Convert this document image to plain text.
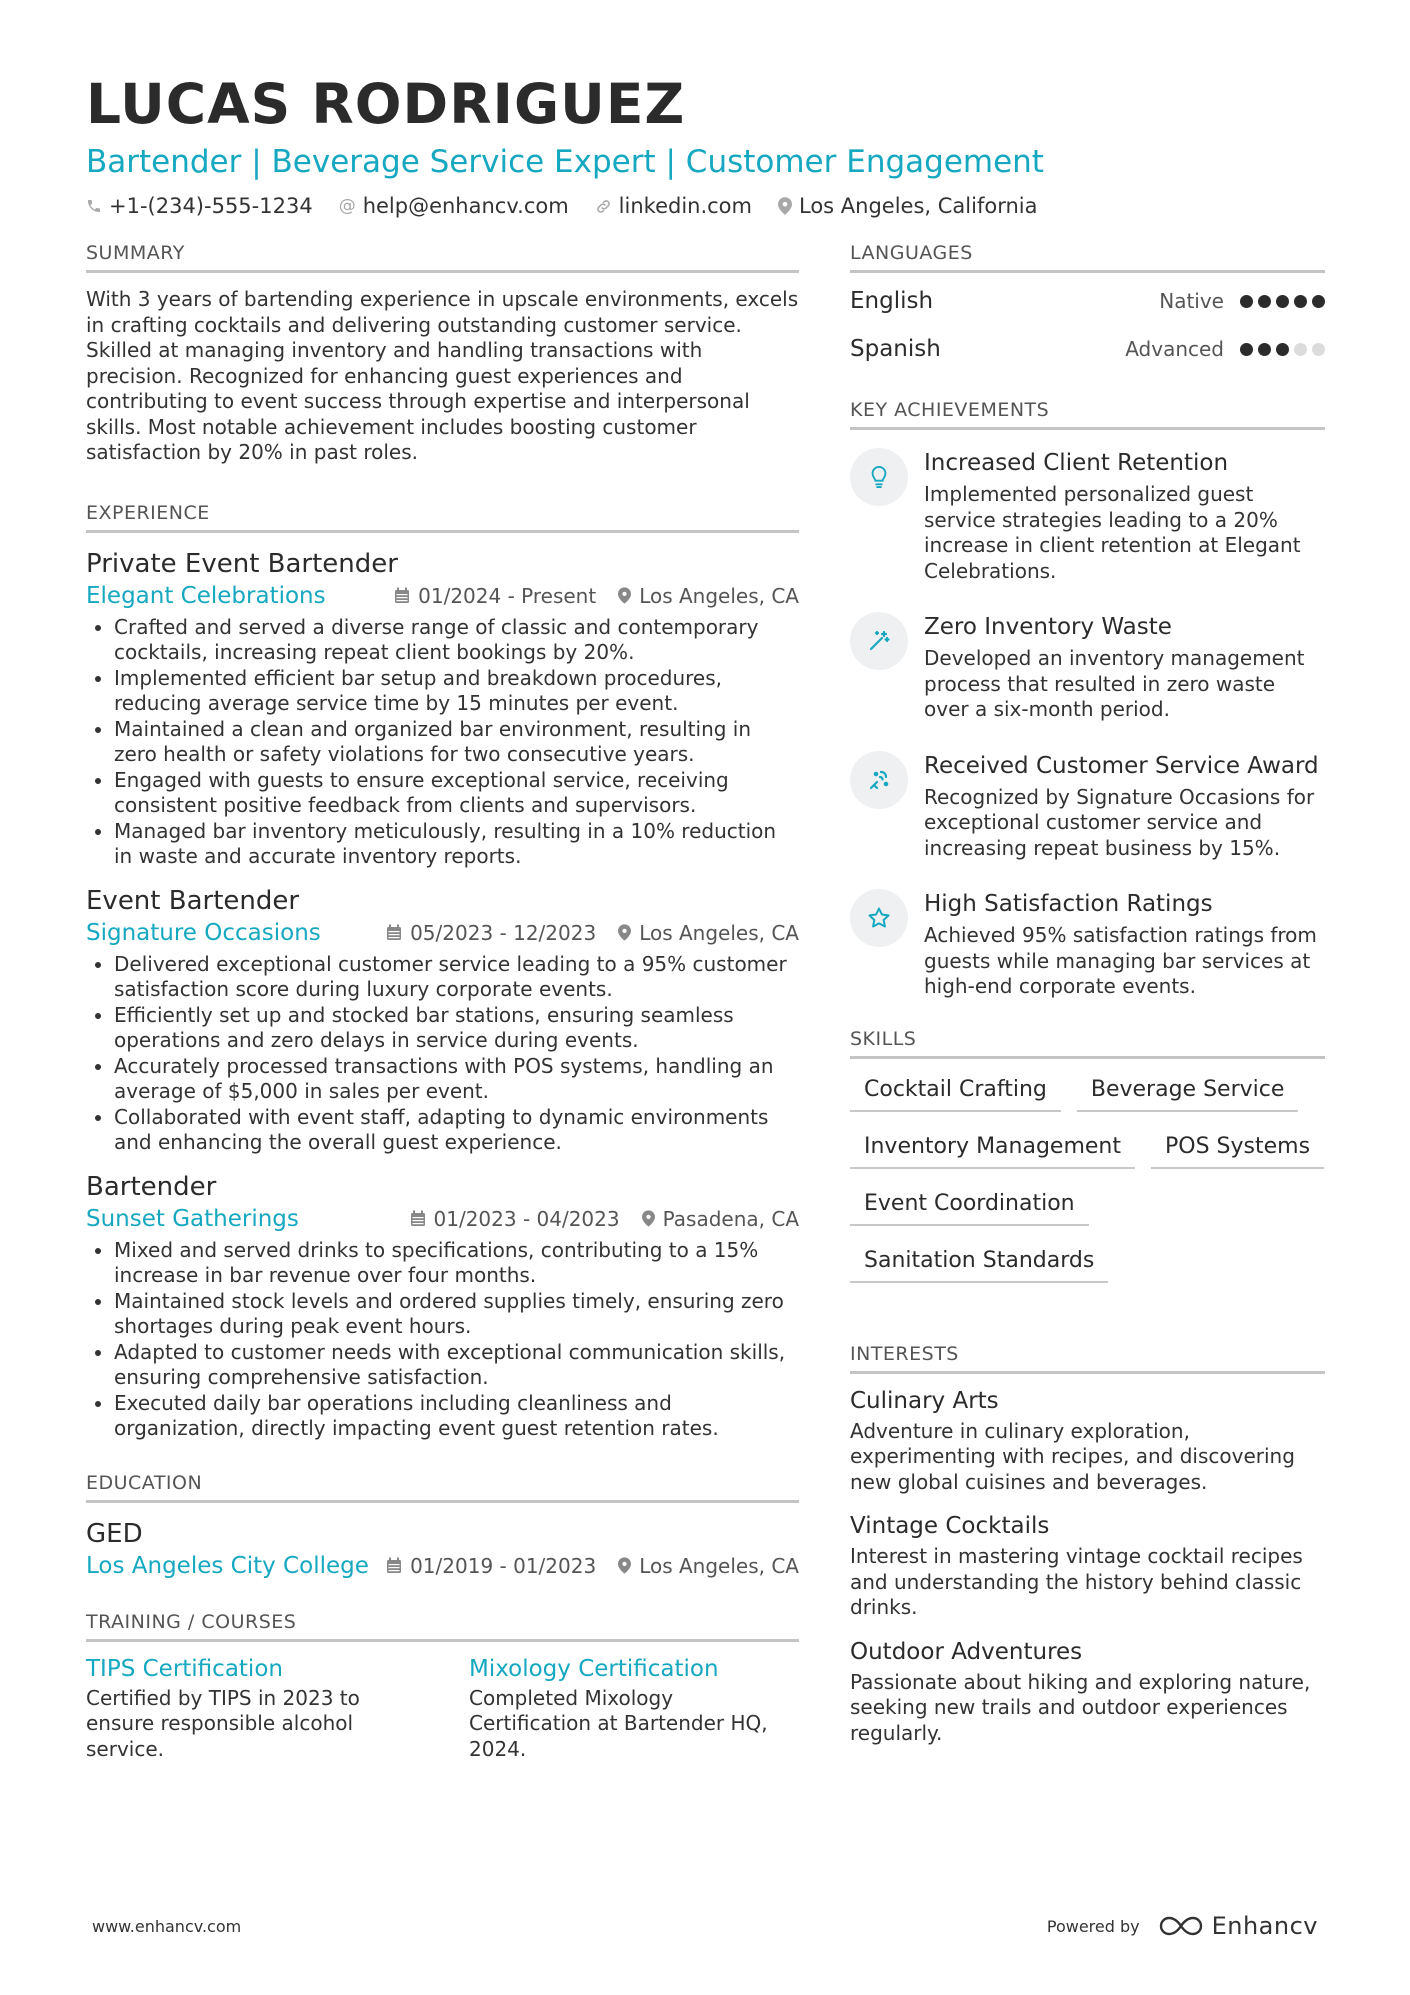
LUCAS RODRIGUEZ
Bartender | Beverage Service Expert | Customer Engagement
+1-(234)-555-1234 @ help@enhancv.com linkedin.com Los Angeles, California
SUMMARY

With 3 years of bartending experience in upscale environments, excels in crafting cocktails and delivering outstanding customer service. Skilled at managing inventory and handling transactions with precision. Recognized for enhancing guest experiences and contributing to event success through expertise and interpersonal skills. Most notable achievement includes boosting customer satisfaction by 20% in past roles.

EXPERIENCE
Private Event Bartender
Elegant Celebrations	01/2024 - Present Los Angeles, CA
• Crafted and served a diverse range of classic and contemporary cocktails, increasing repeat client bookings by 20%.
• Implemented efficient bar setup and breakdown procedures, reducing average service time by 15 minutes per event.
• Maintained a clean and organized bar environment, resulting in zero health or safety violations for two consecutive years.
• Engaged with guests to ensure exceptional service, receiving consistent positive feedback from clients and supervisors.
• Managed bar inventory meticulously, resulting in a 10% reduction in waste and accurate inventory reports.
Event Bartender
Signature Occasions	05/2023 - 12/2023 Los Angeles, CA
• Delivered exceptional customer service leading to a 95% customer satisfaction score during luxury corporate events.
• Efficiently set up and stocked bar stations, ensuring seamless operations and zero delays in service during events.
• Accurately processed transactions with POS systems, handling an average of $5,000 in sales per event.
• Collaborated with event staff, adapting to dynamic environments and enhancing the overall guest experience.
Bartender
Sunset Gatherings	01/2023 - 04/2023 Pasadena, CA
• Mixed and served drinks to specifications, contributing to a 15% increase in bar revenue over four months.
• Maintained stock levels and ordered supplies timely, ensuring zero shortages during peak event hours.
• Adapted to customer needs with exceptional communication skills, ensuring comprehensive satisfaction.
• Executed daily bar operations including cleanliness and organization, directly impacting event guest retention rates.
EDUCATION
GED
Los Angeles City College 01/2019 - 01/2023 Los Angeles, CA
TRAINING / COURSES
TIPS Certification

Certified by TIPS in 2023 to ensure responsible alcohol service.

Mixology Certification

Completed Mixology Certification at Bartender HQ, 2024.

LANGUAGES
English	Native
Spanish	Advanced
KEY ACHIEVEMENTS
Increased Client Retention
Implemented personalized guest service strategies leading to a 20% increase in client retention at Elegant Celebrations.
Zero Inventory Waste
Developed an inventory management process that resulted in zero waste over a six-month period.
Received Customer Service Award
Recognized by Signature Occasions for exceptional customer service and increasing repeat business by 15%.
High Satisfaction Ratings
Achieved 95% satisfaction ratings from guests while managing bar services at high-end corporate events.
SKILLS
Cocktail Crafting	Beverage Service
Inventory Management	POS Systems
Event Coordination
Sanitation Standards
INTERESTS
Culinary Arts

Adventure in culinary exploration, experimenting with recipes, and discovering new global cuisines and beverages.

Vintage Cocktails

Interest in mastering vintage cocktail recipes and understanding the history behind classic drinks.

Outdoor Adventures

Passionate about hiking and exploring nature, seeking new trails and outdoor experiences regularly.

www.enhancv.com	Powered by	Enhancv
